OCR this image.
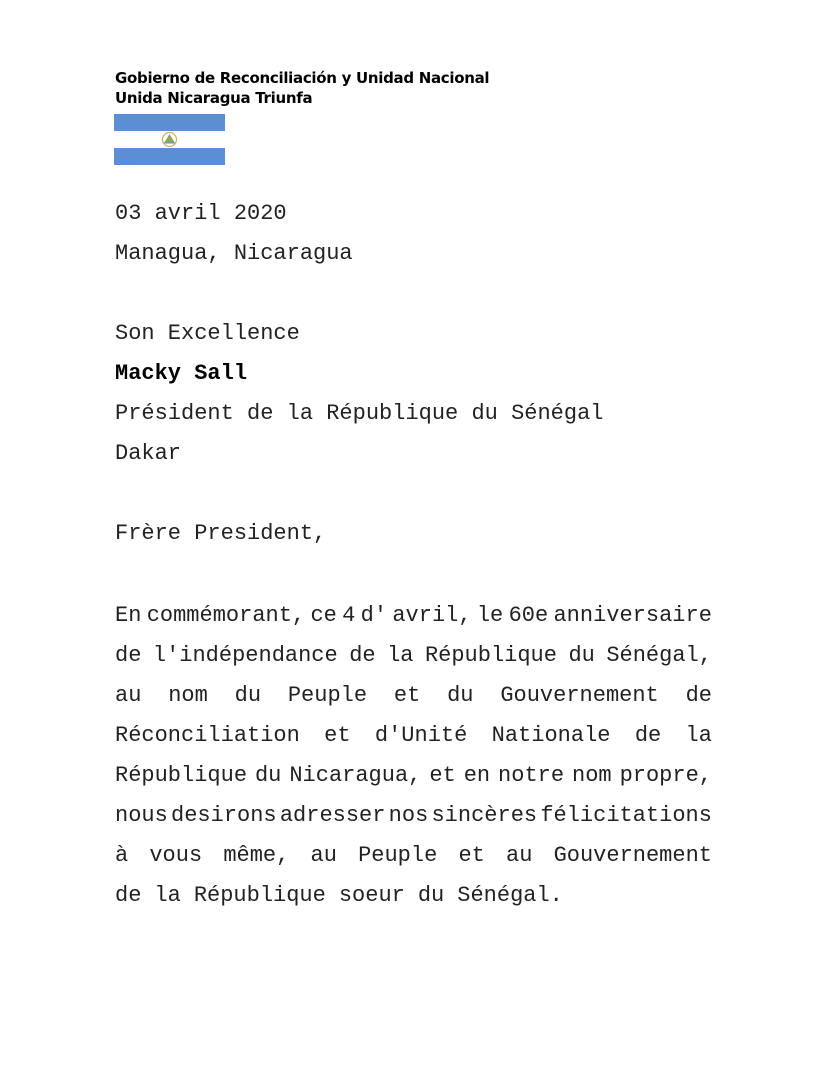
Gobierno de Reconciliación y Unidad Nacional
Unida Nicaragua Triunfa
03 avril 2020
Managua, Nicaragua
Son Excellence
Macky Sall
Président de la République du Sénégal
Dakar
Frère President,
En commémorant, ce 4 d' avril, le 60e anniversaire
de l'indépendance de la République du Sénégal,
au nom du Peuple et du Gouvernement de
Réconciliation et d'Unité Nationale de la
République du Nicaragua, et en notre nom propre,
nous desirons adresser nos sincères félicitations
à vous même, au Peuple et au Gouvernement
de la République soeur du Sénégal.
